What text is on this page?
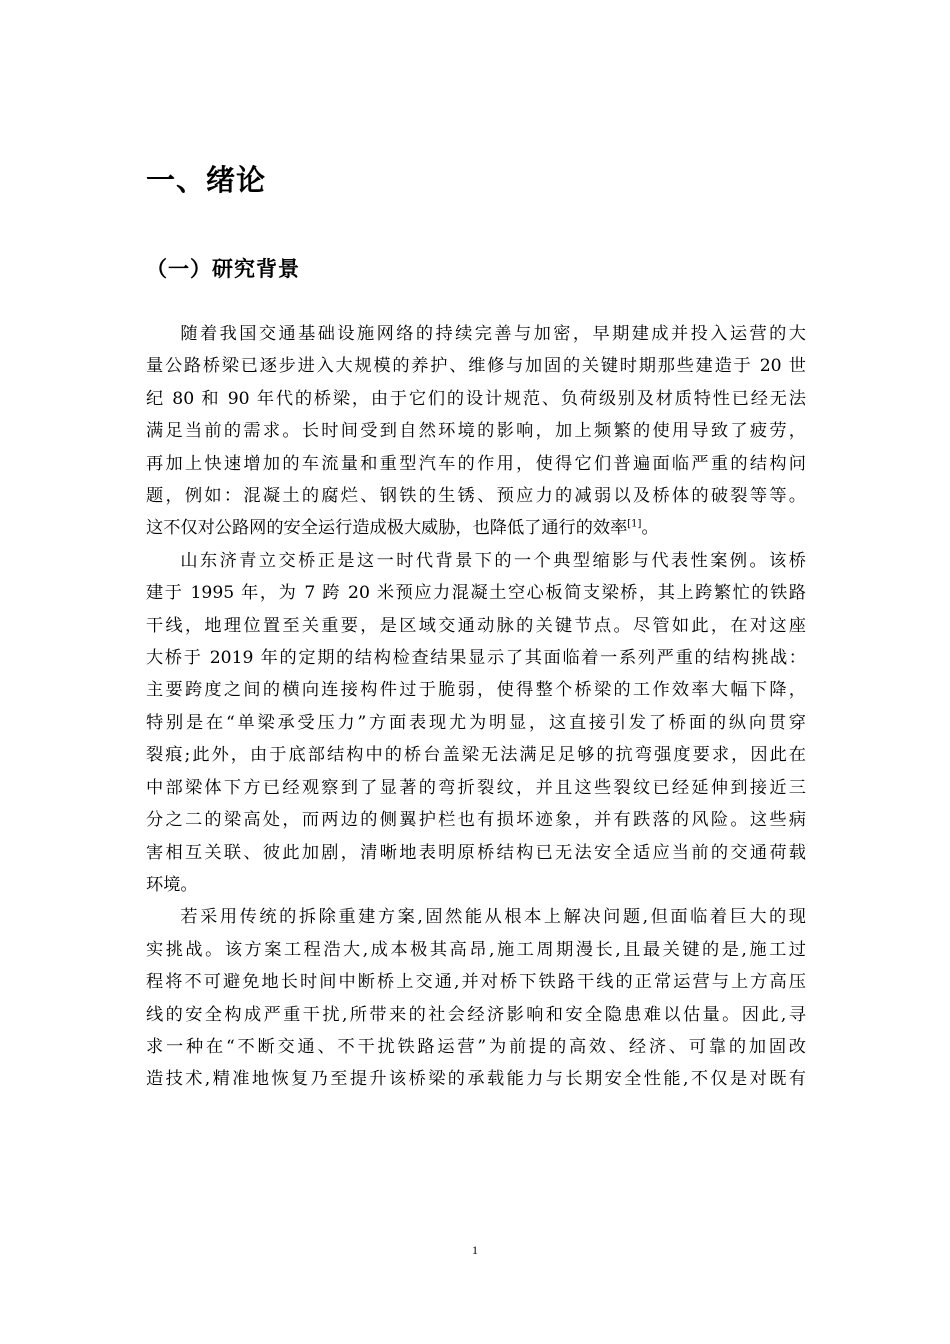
一、绪论
（一）研究背景
随着我国交通基础设施网络的持续完善与加密，早期建成并投入运营的大
量公路桥梁已逐步进入大规模的养护、维修与加固的关键时期那些建造于 20 世
纪 80 和 90 年代的桥梁，由于它们的设计规范、负荷级别及材质特性已经无法
满足当前的需求。长时间受到自然环境的影响，加上频繁的使用导致了疲劳，
再加上快速增加的车流量和重型汽车的作用，使得它们普遍面临严重的结构问
题，例如：混凝土的腐烂、钢铁的生锈、预应力的减弱以及桥体的破裂等等。
这不仅对公路网的安全运行造成极大威胁，也降低了通行的效率[1]。
山东济青立交桥正是这一时代背景下的一个典型缩影与代表性案例。该桥
建于 1995 年，为 7 跨 20 米预应力混凝土空心板简支梁桥，其上跨繁忙的铁路
干线，地理位置至关重要，是区域交通动脉的关键节点。尽管如此，在对这座
大桥于 2019 年的定期的结构检查结果显示了其面临着一系列严重的结构挑战：
主要跨度之间的横向连接构件过于脆弱，使得整个桥梁的工作效率大幅下降，
特别是在“单梁承受压力”方面表现尤为明显，这直接引发了桥面的纵向贯穿
裂痕;此外，由于底部结构中的桥台盖梁无法满足足够的抗弯强度要求，因此在
中部梁体下方已经观察到了显著的弯折裂纹，并且这些裂纹已经延伸到接近三
分之二的梁高处，而两边的侧翼护栏也有损坏迹象，并有跌落的风险。这些病
害相互关联、彼此加剧，清晰地表明原桥结构已无法安全适应当前的交通荷载
环境。
若采用传统的拆除重建方案,固然能从根本上解决问题,但面临着巨大的现
实挑战。该方案工程浩大,成本极其高昂,施工周期漫长,且最关键的是,施工过
程将不可避免地长时间中断桥上交通,并对桥下铁路干线的正常运营与上方高压
线的安全构成严重干扰,所带来的社会经济影响和安全隐患难以估量。因此,寻
求一种在“不断交通、不干扰铁路运营”为前提的高效、经济、可靠的加固改
造技术,精准地恢复乃至提升该桥梁的承载能力与长期安全性能,不仅是对既有
1
